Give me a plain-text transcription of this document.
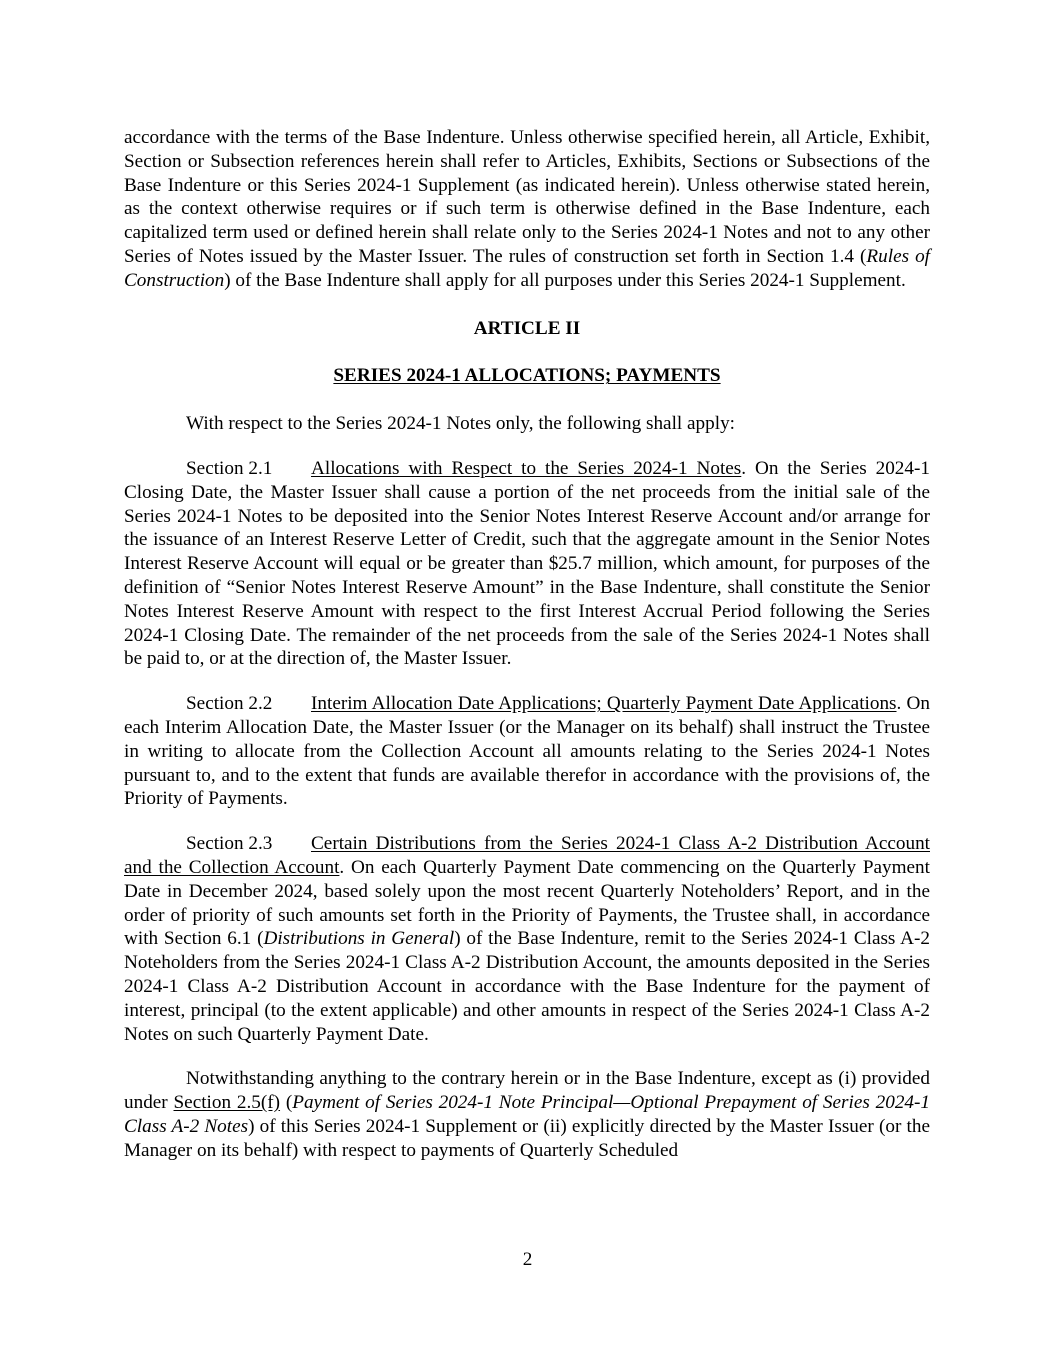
accordance with the terms of the Base Indenture. Unless otherwise specified herein, all Article, Exhibit, Section or Subsection references herein shall refer to Articles, Exhibits, Sections or Subsections of the Base Indenture or this Series 2024-1 Supplement (as indicated herein). Unless otherwise stated herein, as the context otherwise requires or if such term is otherwise defined in the Base Indenture, each capitalized term used or defined herein shall relate only to the Series 2024-1 Notes and not to any other Series of Notes issued by the Master Issuer. The rules of construction set forth in Section 1.4 (Rules of Construction) of the Base Indenture shall apply for all purposes under this Series 2024-1 Supplement.

ARTICLE II

SERIES 2024-1 ALLOCATIONS; PAYMENTS

With respect to the Series 2024-1 Notes only, the following shall apply:

Section 2.1 Allocations with Respect to the Series 2024-1 Notes. On the Series 2024-1 Closing Date, the Master Issuer shall cause a portion of the net proceeds from the initial sale of the Series 2024-1 Notes to be deposited into the Senior Notes Interest Reserve Account and/or arrange for the issuance of an Interest Reserve Letter of Credit, such that the aggregate amount in the Senior Notes Interest Reserve Account will equal or be greater than $25.7 million, which amount, for purposes of the definition of “Senior Notes Interest Reserve Amount” in the Base Indenture, shall constitute the Senior Notes Interest Reserve Amount with respect to the first Interest Accrual Period following the Series 2024-1 Closing Date. The remainder of the net proceeds from the sale of the Series 2024-1 Notes shall be paid to, or at the direction of, the Master Issuer.

Section 2.2 Interim Allocation Date Applications; Quarterly Payment Date Applications. On each Interim Allocation Date, the Master Issuer (or the Manager on its behalf) shall instruct the Trustee in writing to allocate from the Collection Account all amounts relating to the Series 2024-1 Notes pursuant to, and to the extent that funds are available therefor in accordance with the provisions of, the Priority of Payments.

Section 2.3 Certain Distributions from the Series 2024-1 Class A-2 Distribution Account and the Collection Account. On each Quarterly Payment Date commencing on the Quarterly Payment Date in December 2024, based solely upon the most recent Quarterly Noteholders’ Report, and in the order of priority of such amounts set forth in the Priority of Payments, the Trustee shall, in accordance with Section 6.1 (Distributions in General) of the Base Indenture, remit to the Series 2024-1 Class A-2 Noteholders from the Series 2024-1 Class A-2 Distribution Account, the amounts deposited in the Series 2024-1 Class A-2 Distribution Account in accordance with the Base Indenture for the payment of interest, principal (to the extent applicable) and other amounts in respect of the Series 2024-1 Class A-2 Notes on such Quarterly Payment Date.

Notwithstanding anything to the contrary herein or in the Base Indenture, except as (i) provided under Section 2.5(f) (Payment of Series 2024-1 Note Principal—Optional Prepayment of Series 2024-1 Class A-2 Notes) of this Series 2024-1 Supplement or (ii) explicitly directed by the Master Issuer (or the Manager on its behalf) with respect to payments of Quarterly Scheduled

2
